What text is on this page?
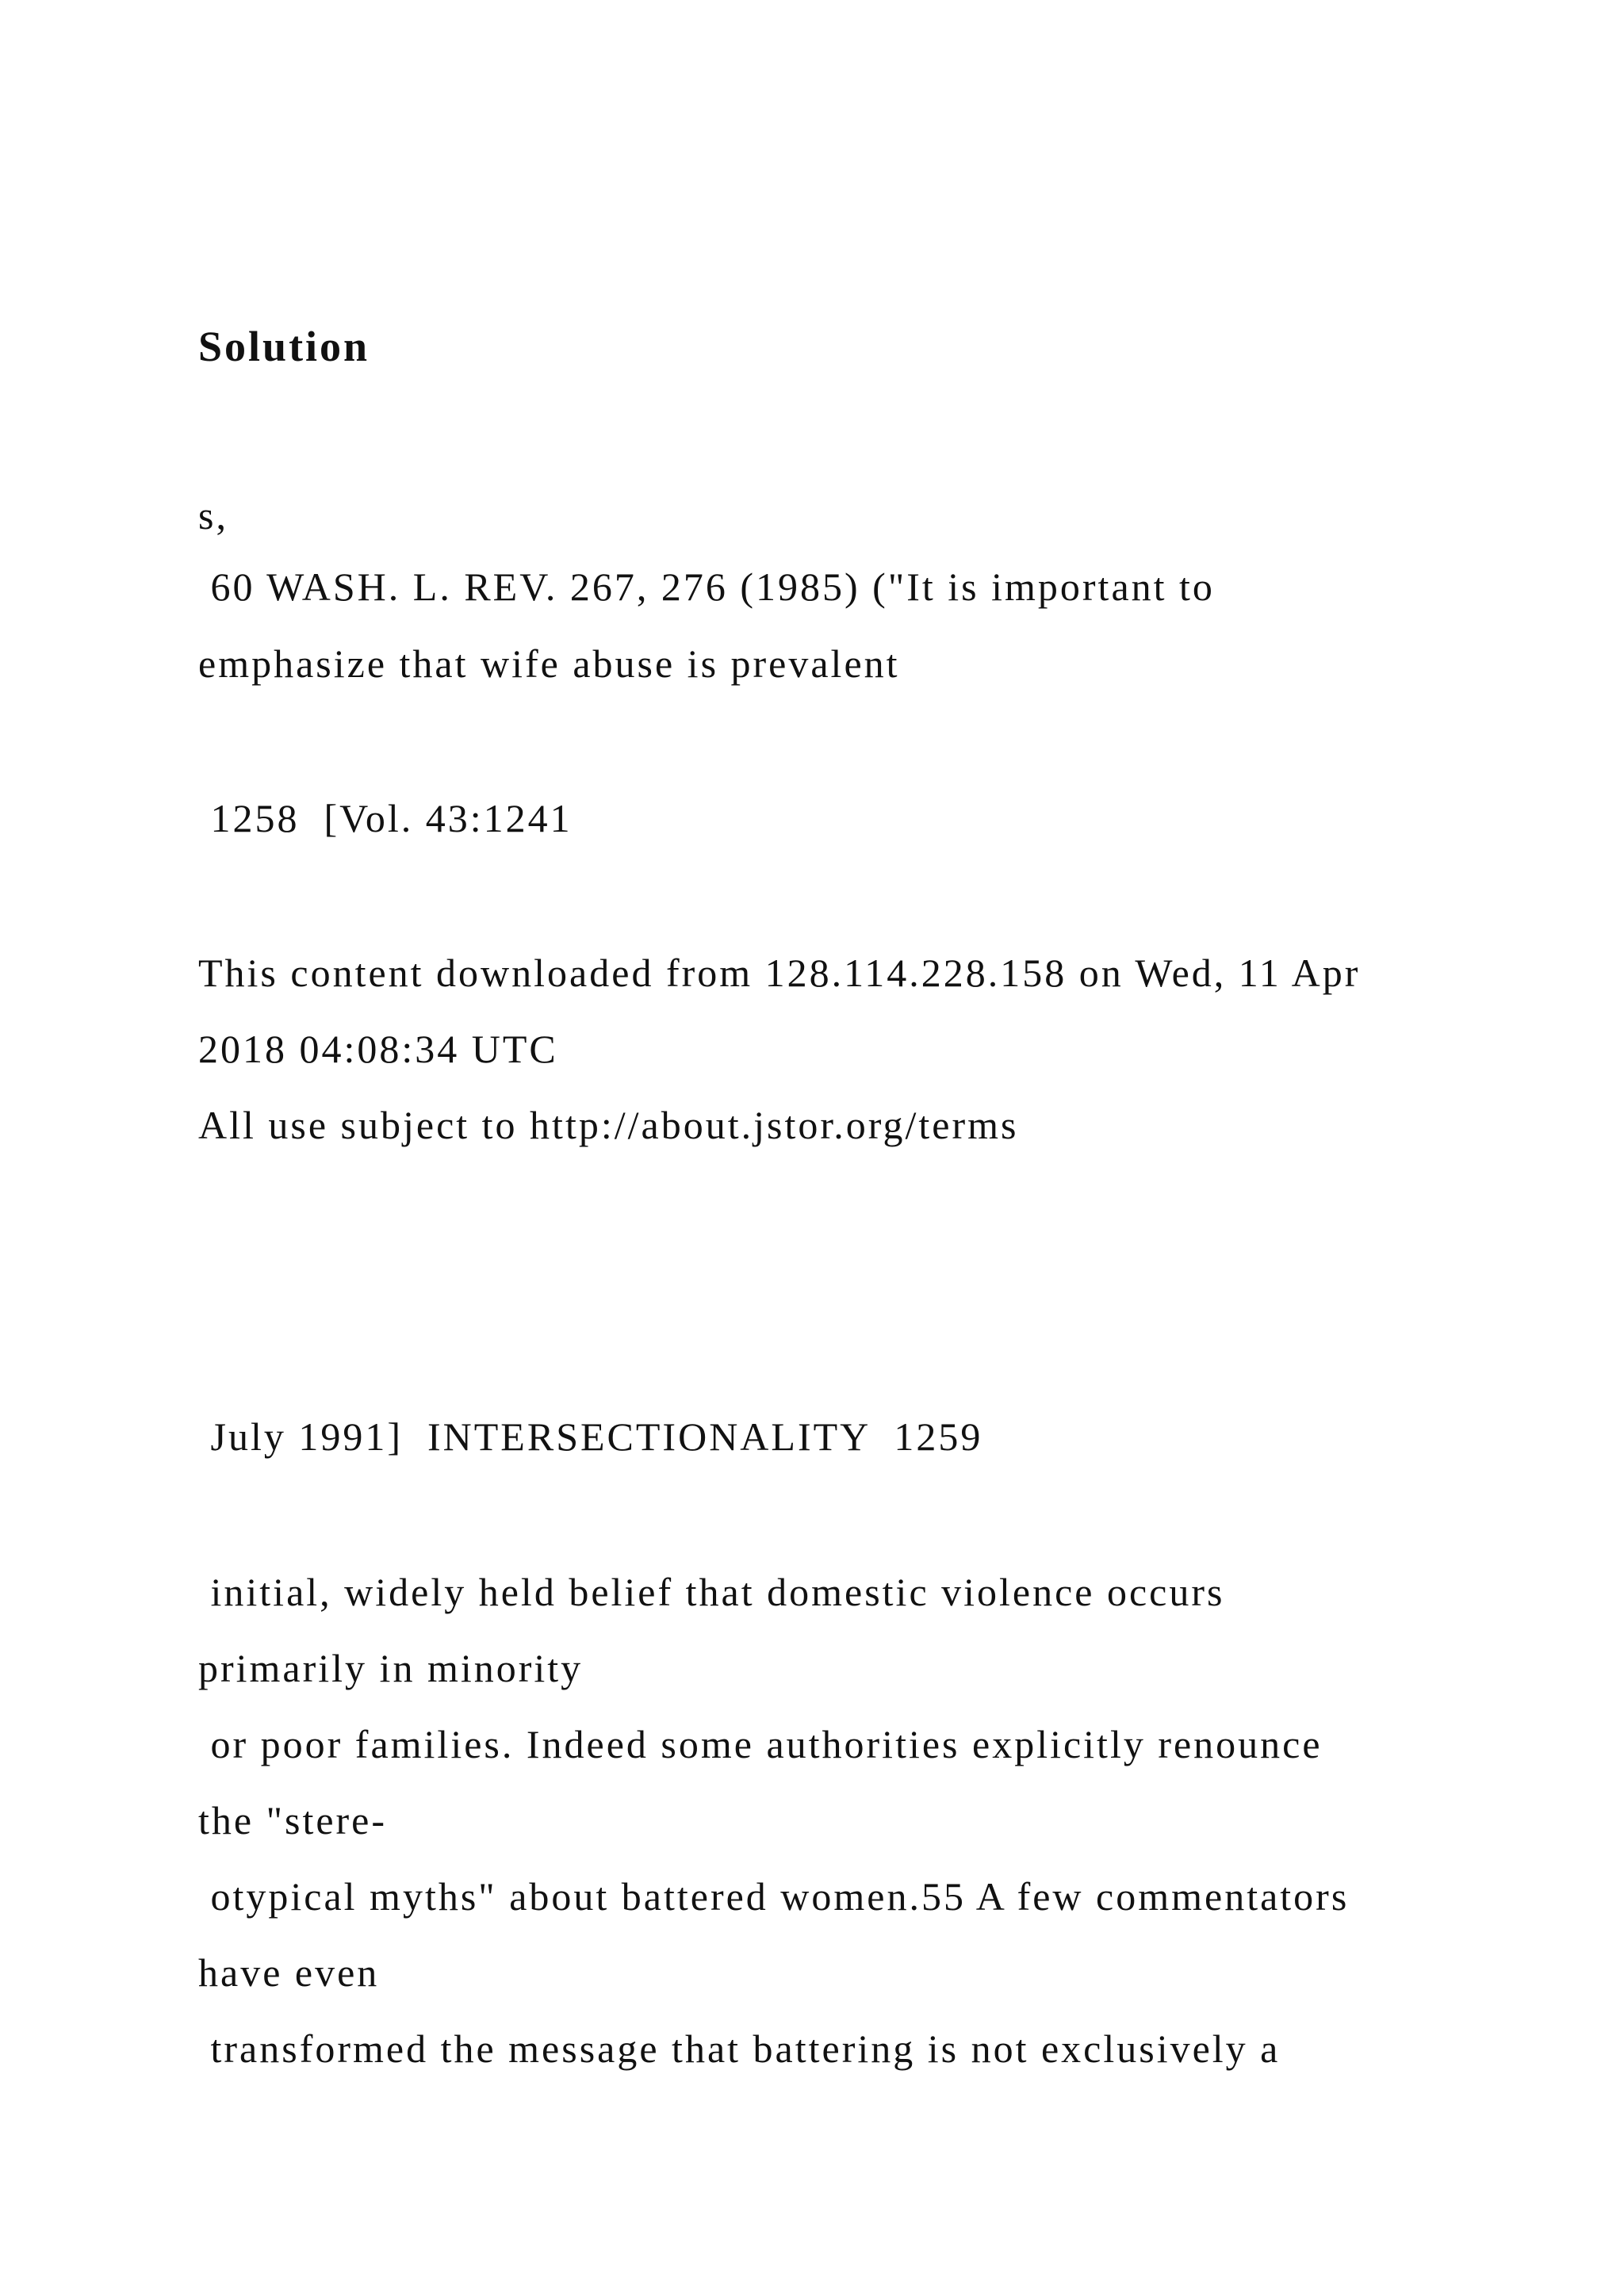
Solution

s,

60 WASH. L. REV. 267, 276 (1985) ("It is important to

emphasize that wife abuse is prevalent

1258  [Vol. 43:1241

This content downloaded from 128.114.228.158 on Wed, 11 Apr

2018 04:08:34 UTC

All use subject to http://about.jstor.org/terms

July 1991]  INTERSECTIONALITY  1259

initial, widely held belief that domestic violence occurs

primarily in minority

or poor families. Indeed some authorities explicitly renounce

the "stere-

otypical myths" about battered women.55 A few commentators

have even

transformed the message that battering is not exclusively a
